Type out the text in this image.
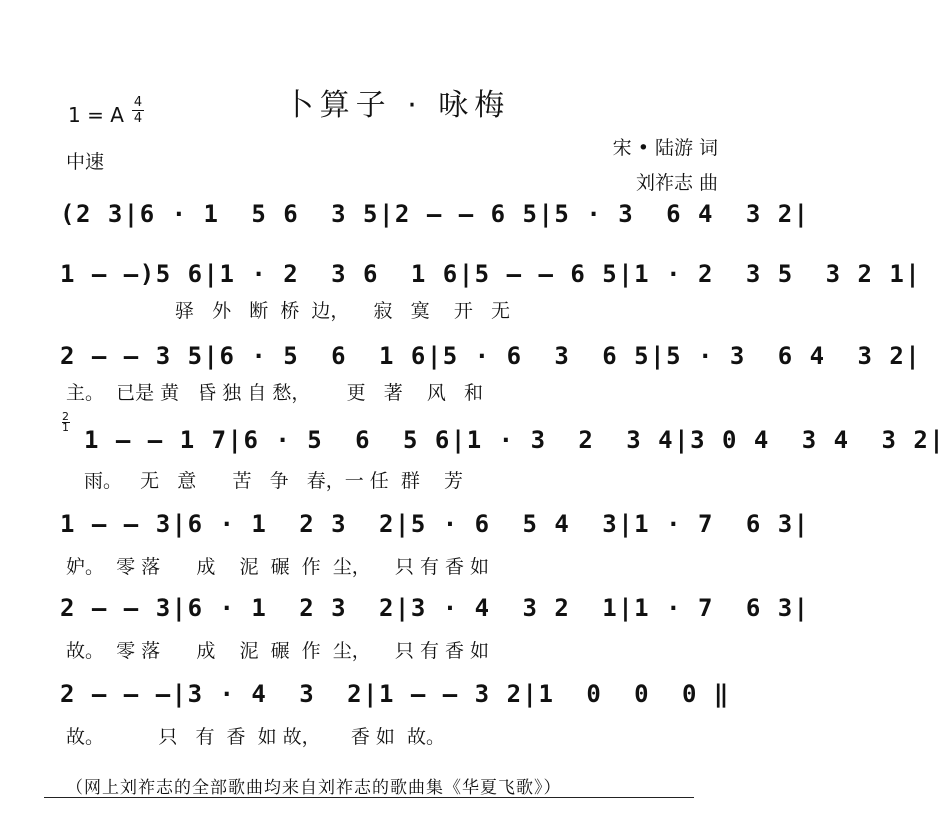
卜算子 · 咏梅
1 = A
4
4
中速
宋 • 陆游 词
刘祚志 曲
(2 3|6 · 1  5 6  3 5|2 — — 6 5|5 · 3  6 4  3 2|
1 — —)5 6|1 · 2  3 6  1 6|5 — — 6 5|1 · 2  3 5  3 2 1|
驿   外   断  桥  边，    寂   寞    开   无
2 — — 3 5|6 · 5  6  1 6|5 · 6  3  6 5|5 · 3  6 4  3 2|
主。  已是 黄   昏 独 自 愁，      更   著    风   和
2
1 1 — — 1 7|6 · 5  6  5 6|1 · 3  2  3 4|3 0 4  3 4  3 2|
雨。   无   意      苦   争   春，一 任  群    芳
1 — — 3|6 · 1  2 3  2|5 · 6  5 4  3|1 · 7  6 3|
妒。  零 落      成    泥  碾  作  尘，    只 有 香 如
2 — — 3|6 · 1  2 3  2|3 · 4  3 2  1|1 · 7  6 3|
故。  零 落      成    泥  碾  作  尘，    只 有 香 如
2 — — —|3 · 4  3  2|1 — — 3 2|1  0  0  0 ‖
故。         只   有  香  如 故，     香 如  故。
（网上刘祚志的全部歌曲均来自刘祚志的歌曲集《华夏飞歌》）
